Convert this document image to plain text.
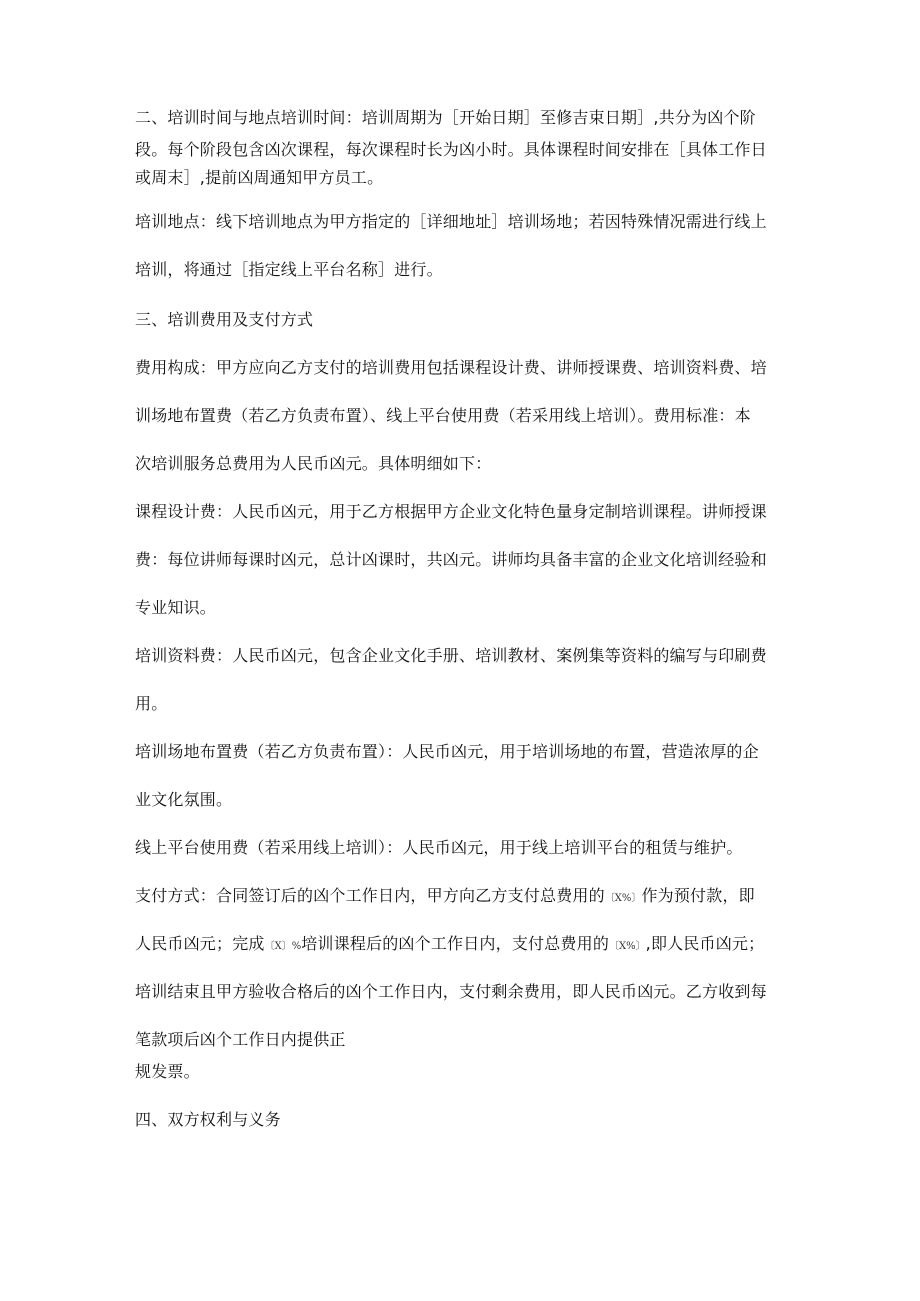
二、培训时间与地点培训时间：培训周期为［开始日期］至修吉束日期］,共分为凶个阶
段。每个阶段包含凶次课程，每次课程时长为凶小时。具体课程时间安排在［具体工作日
或周末］,提前凶周通知甲方员工。
培训地点：线下培训地点为甲方指定的［详细地址］培训场地；若因特殊情况需进行线上
培训，将通过［指定线上平台名称］进行。
三、培训费用及支付方式
费用构成：甲方应向乙方支付的培训费用包括课程设计费、讲师授课费、培训资料费、培
训场地布置费（若乙方负责布置）、线上平台使用费（若采用线上培训）。费用标准：本
次培训服务总费用为人民币凶元。具体明细如下：
课程设计费：人民币凶元，用于乙方根据甲方企业文化特色量身定制培训课程。讲师授课
费：每位讲师每课时凶元，总计凶课时，共凶元。讲师均具备丰富的企业文化培训经验和
专业知识。
培训资料费：人民币凶元，包含企业文化手册、培训教材、案例集等资料的编写与印刷费
用。
培训场地布置费（若乙方负责布置）：人民币凶元，用于培训场地的布置，营造浓厚的企
业文化氛围。
线上平台使用费（若采用线上培训）：人民币凶元，用于线上培训平台的租赁与维护。
支付方式：合同签订后的凶个工作日内，甲方向乙方支付总费用的〔X%〕作为预付款，即
人民币凶元；完成〔X〕%培训课程后的凶个工作日内，支付总费用的〔X%〕,即人民币凶元；
培训结束且甲方验收合格后的凶个工作日内，支付剩余费用，即人民币凶元。乙方收到每
笔款项后凶个工作日内提供正
规发票。
四、双方权利与义务
